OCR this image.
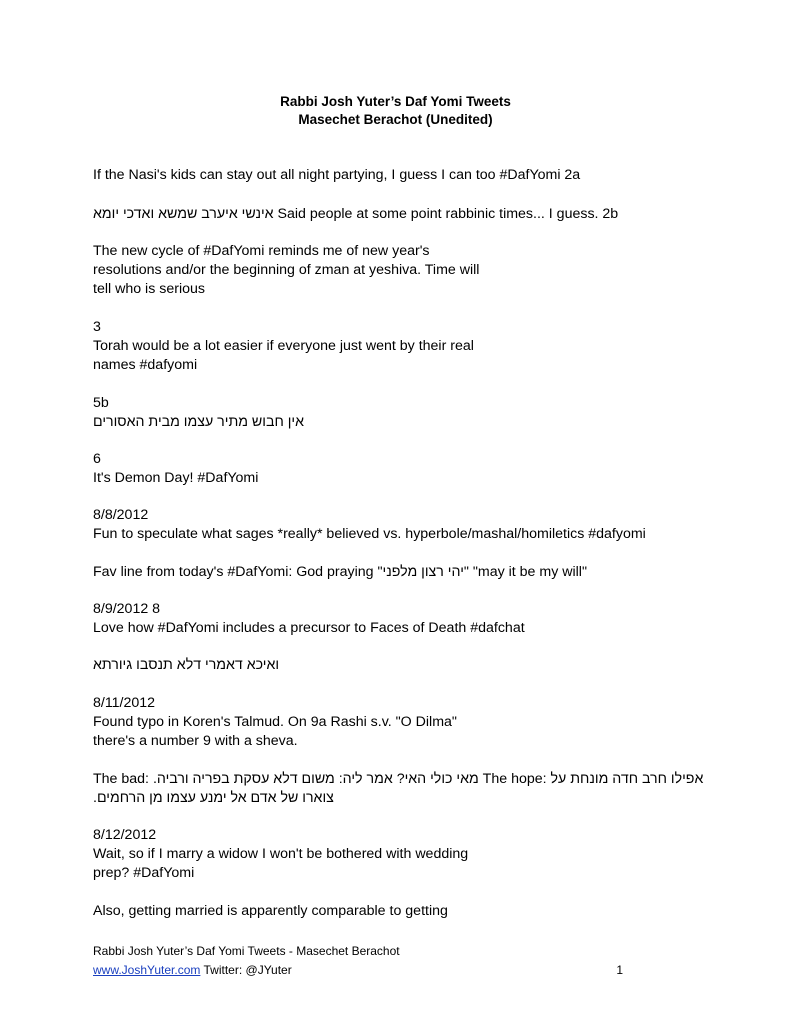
Rabbi Josh Yuter’s Daf Yomi Tweets
Masechet Berachot (Unedited)
If the Nasi's kids can stay out all night partying, I guess I can too #DafYomi 2a
אינשי איערב שמשא ואדכי יומא Said people at some point rabbinic times... I guess. 2b
The new cycle of #DafYomi reminds me of new year's
resolutions and/or the beginning of zman at yeshiva. Time will
tell who is serious
3
Torah would be a lot easier if everyone just went by their real
names #dafyomi
5b
אין חבוש מתיר עצמו מבית האסורים
6
It's Demon Day! #DafYomi
8/8/2012
Fun to speculate what sages *really* believed vs. hyperbole/mashal/homiletics #dafyomi
Fav line from today's #DafYomi: God praying "יהי רצון מלפני" "may it be my will"
8/9/2012 8
Love how #DafYomi includes a precursor to Faces of Death #dafchat
ואיכא דאמרי דלא תנסבו גיורתא
8/11/2012
Found typo in Koren's Talmud. On 9a Rashi s.v. "O Dilma"
there's a number 9 with a sheva.
The bad: מאי כולי האי? אמר ליה: משום דלא עסקת בפריה ורביה. The hope: אפילו חרב חדה מונחת על
צוארו של אדם אל ימנע עצמו מן הרחמים.
8/12/2012
Wait, so if I marry a widow I won't be bothered with wedding
prep? #DafYomi
Also, getting married is apparently comparable to getting
Rabbi Josh Yuter’s Daf Yomi Tweets - Masechet Berachot
www.JoshYuter.com Twitter: @JYuter	1
